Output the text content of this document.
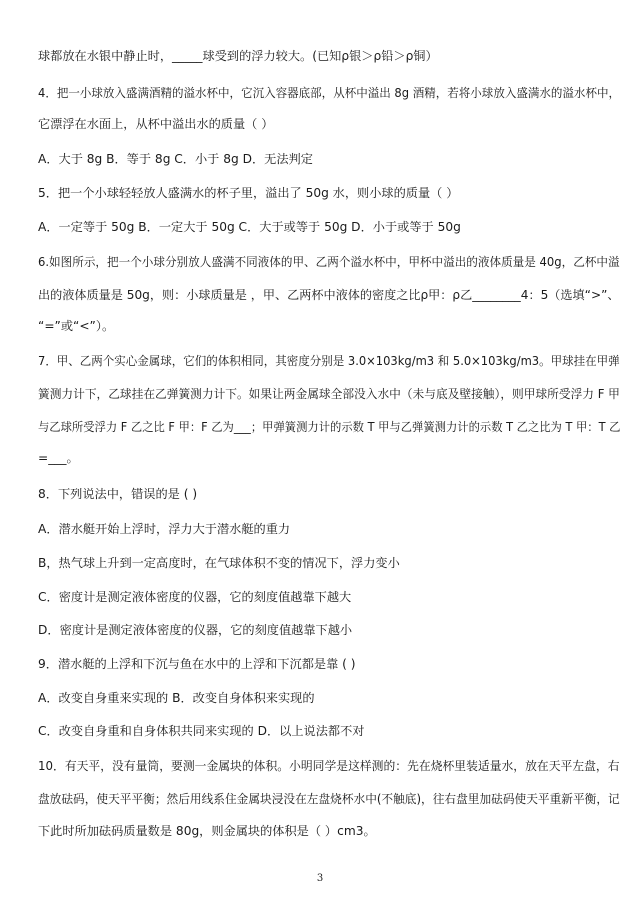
球都放在水银中静止时，_____球受到的浮力较大。(已知ρ银＞ρ铅＞ρ铜）
4．把一小球放入盛满酒精的溢水杯中，它沉入容器底部，从杯中溢出 8g 酒精，若将小球放入盛满水的溢水杯中，
它漂浮在水面上，从杯中溢出水的质量（ ）
A．大于 8g B．等于 8g C．小于 8g D．无法判定
5．把一个小球轻轻放人盛满水的杯子里，溢出了 50g 水，则小球的质量（ ）
A．一定等于 50g B．一定大于 50g C．大于或等于 50g D．小于或等于 50g
6.如图所示，把一个小球分别放人盛满不同液体的甲、乙两个溢水杯中，甲杯中溢出的液体质量是 40g，乙杯中溢
出的液体质量是 50g，则：小球质量是 ，甲、乙两杯中液体的密度之比ρ甲：ρ乙________4：5（选填“>”、
“=”或“<”）。
7．甲、乙两个实心金属球，它们的体积相同，其密度分别是 3.0×103kg/m3 和 5.0×103kg/m3。甲球挂在甲弹
簧测力计下，乙球挂在乙弹簧测力计下。如果让两金属球全部没入水中（未与底及壁接触），则甲球所受浮力 F 甲
与乙球所受浮力 F 乙之比 F 甲：F 乙为___；甲弹簧测力计的示数 T 甲与乙弹簧测力计的示数 T 乙之比为 T 甲：T 乙
=___。
8．下列说法中，错误的是 ( )
A．潜水艇开始上浮时，浮力大于潜水艇的重力
B，热气球上升到一定高度时，在气球体积不变的情况下，浮力变小
C．密度计是测定液体密度的仪器，它的刻度值越靠下越大
D．密度计是测定液体密度的仪器，它的刻度值越靠下越小
9．潜水艇的上浮和下沉与鱼在水中的上浮和下沉都是靠 ( )
A．改变自身重来实现的 B．改变自身体积来实现的
C．改变自身重和自身体积共同来实现的 D．以上说法都不对
10．有天平，没有量筒，要测一金属块的体积。小明同学是这样测的：先在烧杯里装适量水，放在天平左盘，右
盘放砝码，使天平平衡；然后用线系住金属块浸没在左盘烧杯水中(不触底)，往右盘里加砝码使天平重新平衡，记
下此时所加砝码质量数是 80g，则金属块的体积是（ ）cm3。
3
